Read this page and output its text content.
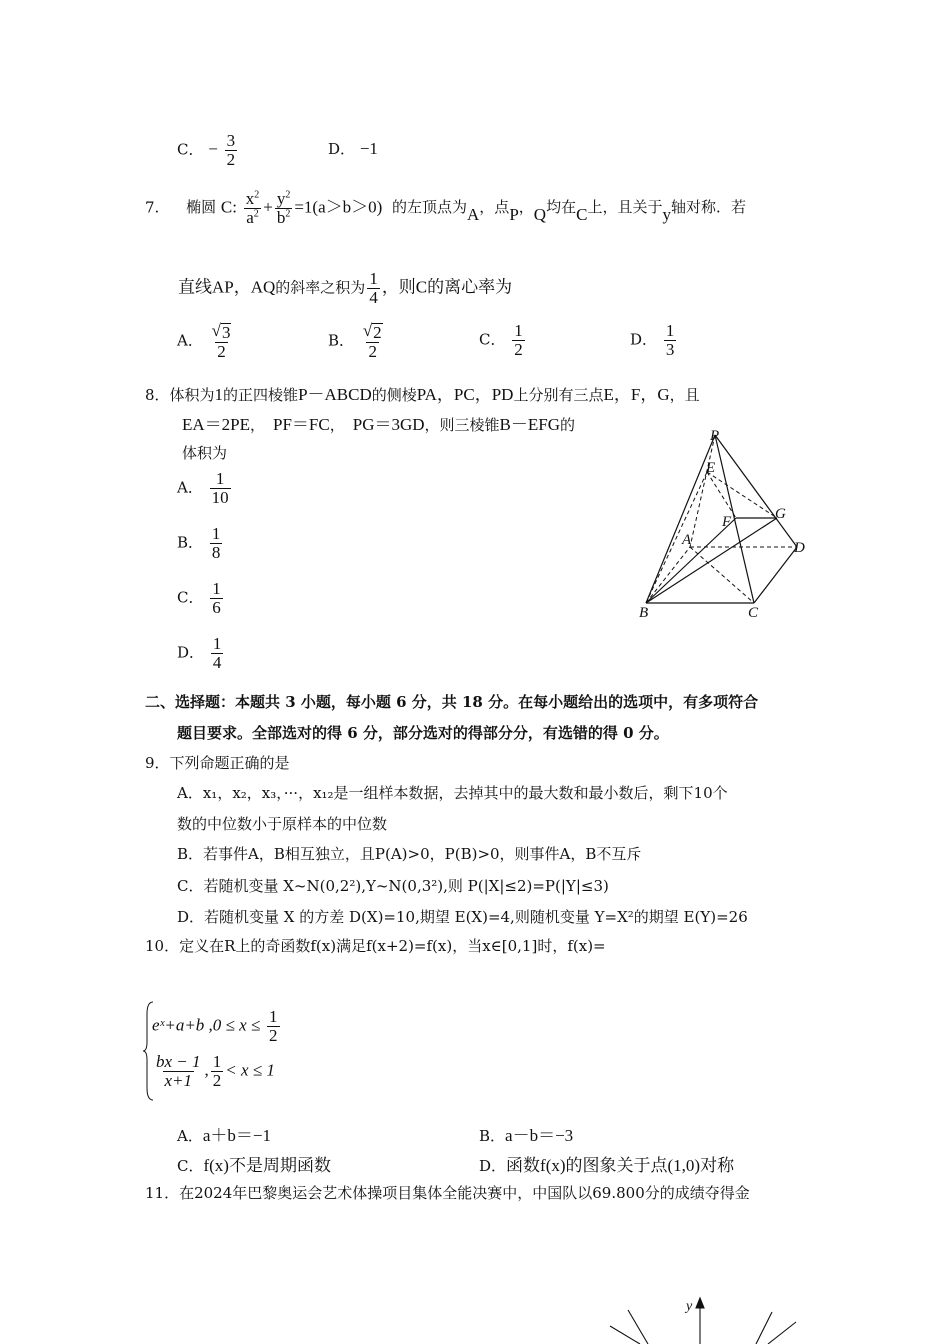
C． − $\frac{3}{2}$	D． −1
7. 椭圆 C: $\frac{x^2}{a^2} + \frac{y^2}{b^2} =1(a>b>0)$ 的左顶点为A，点P，Q均在C上，且关于y轴对称．若
直线AP，AQ的斜率之积为 $\frac{1}{4}$ ，则C的离心率为
A． $\frac{√ 3}{2}$	B． $\frac{√ 2}{2}$	C． $\frac{1}{2}$	D． $\frac{1}{3}$
8．体积为1的正四棱锥P－ABCD的侧棱PA，PC，PD上分别有三点E，F，G，且
EA＝2PE， PF＝FC， PG＝3GD，则三棱锥B－EFG的
体积为
A． $\frac{1}{10}$
B． $\frac{1}{8}$
C． $\frac{1}{6}$
D． $\frac{1}{4}$
P
E
F	G
A	D
B	C
二、选择题：本题共 3 小题，每小题 6 分，共 18 分。在每小题给出的选项中，有多项符合
题目要求。全部选对的得 6 分，部分选对的得部分分，有选错的得 0 分。
9．下列命题正确的是
A．x₁，x₂，x₃，···，x₁₂是一组样本数据，去掉其中的最大数和最小数后，剩下10个
数的中位数小于原样本的中位数
B．若事件A，B相互独立，且P(A)>0，P(B)>0，则事件A，B不互斥
C．若随机变量 X~N(0,2²),Y~N(0,3²),则 P(|X|≤2)=P(|Y|≤3)
D．若随机变量 X 的方差 D(X)=10,期望 E(X)=4,则随机变量 Y=X²的期望 E(Y)=26
10．定义在R上的奇函数f(x)满足f(x+2)=f(x)，当x∈[0,1]时，f(x)=
eˣ+a+b $,0 \le x \le \frac{1}{2}$
$\frac{bx - 1}{x+1}$ , $\frac{1}{2} < x \le 1$
A．a＋b＝−1	B．a－b＝−3
C．f(x)不是周期函数	D．函数f(x)的图象关于点(1,0)对称
11．在2024年巴黎奥运会艺术体操项目集体全能决赛中，中国队以69.800分的成绩夺得金
y
